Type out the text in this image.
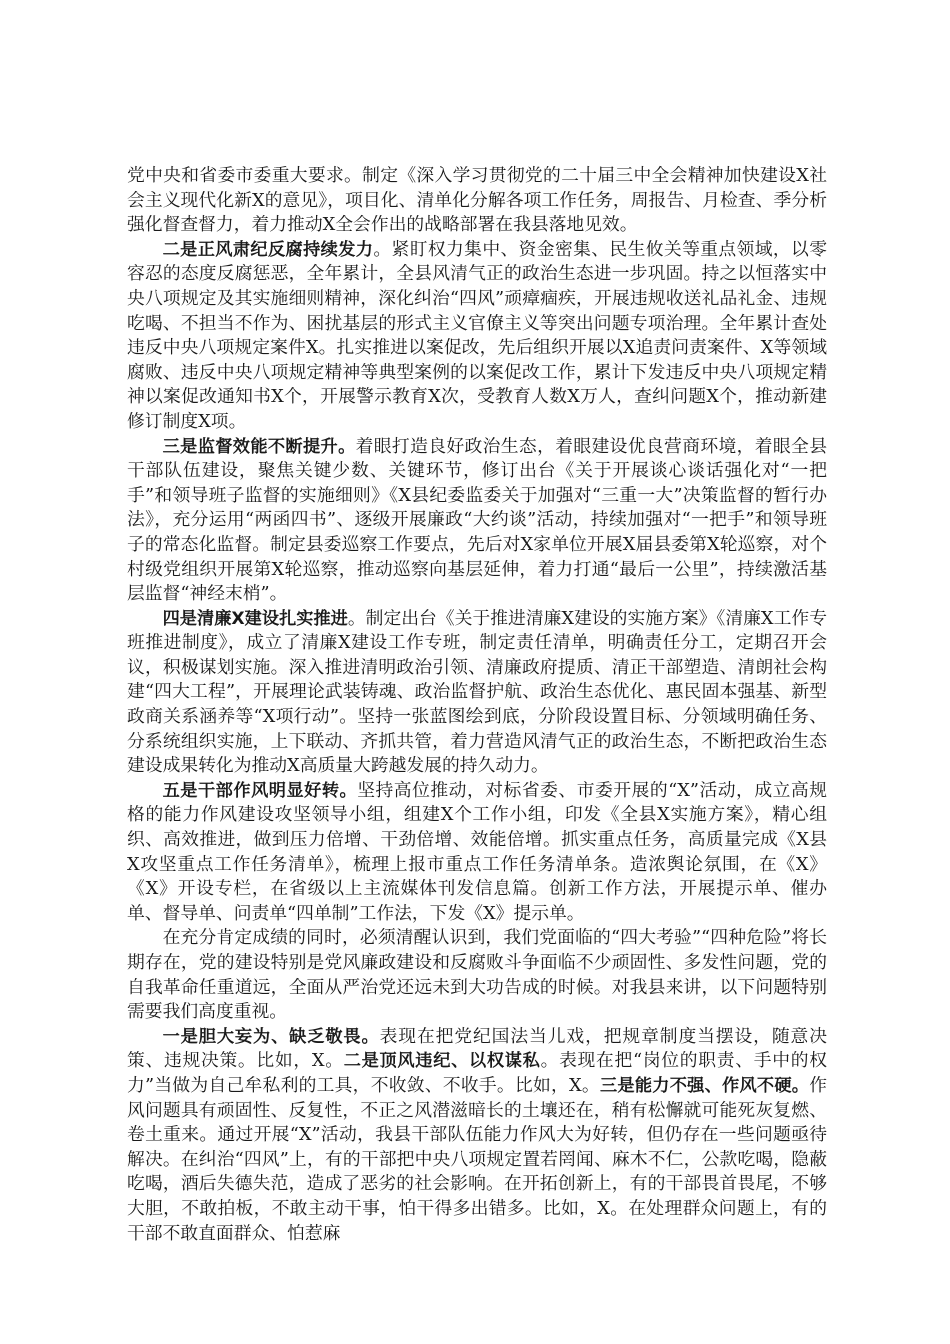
党中央和省委市委重大要求。制定《深入学习贯彻党的二十届三中全会精神加快建设X社会主义现代化新X的意见》，项目化、清单化分解各项工作任务，周报告、月检查、季分析强化督查督力，着力推动X全会作出的战略部署在我县落地见效。

二是正风肃纪反腐持续发力。紧盯权力集中、资金密集、民生攸关等重点领域，以零容忍的态度反腐惩恶，全年累计，全县风清气正的政治生态进一步巩固。持之以恒落实中央八项规定及其实施细则精神，深化纠治“四风”顽瘴痼疾，开展违规收送礼品礼金、违规吃喝、不担当不作为、困扰基层的形式主义官僚主义等突出问题专项治理。全年累计查处违反中央八项规定案件X。扎实推进以案促改，先后组织开展以X追责问责案件、X等领域腐败、违反中央八项规定精神等典型案例的以案促改工作，累计下发违反中央八项规定精神以案促改通知书X个，开展警示教育X次，受教育人数X万人，查纠问题X个，推动新建修订制度X项。

三是监督效能不断提升。着眼打造良好政治生态，着眼建设优良营商环境，着眼全县干部队伍建设，聚焦关键少数、关键环节，修订出台《关于开展谈心谈话强化对“一把手”和领导班子监督的实施细则》《X县纪委监委关于加强对“三重一大”决策监督的暂行办法》，充分运用“两函四书”、逐级开展廉政“大约谈”活动，持续加强对“一把手”和领导班子的常态化监督。制定县委巡察工作要点，先后对X家单位开展X届县委第X轮巡察，对个村级党组织开展第X轮巡察，推动巡察向基层延伸，着力打通“最后一公里”，持续激活基层监督“神经末梢”。

四是清廉X建设扎实推进。制定出台《关于推进清廉X建设的实施方案》《清廉X工作专班推进制度》，成立了清廉X建设工作专班，制定责任清单，明确责任分工，定期召开会议，积极谋划实施。深入推进清明政治引领、清廉政府提质、清正干部塑造、清朗社会构建“四大工程”，开展理论武装铸魂、政治监督护航、政治生态优化、惠民固本强基、新型政商关系涵养等“X项行动”。坚持一张蓝图绘到底，分阶段设置目标、分领域明确任务、分系统组织实施，上下联动、齐抓共管，着力营造风清气正的政治生态，不断把政治生态建设成果转化为推动X高质量大跨越发展的持久动力。

五是干部作风明显好转。坚持高位推动，对标省委、市委开展的“X”活动，成立高规格的能力作风建设攻坚领导小组，组建X个工作小组，印发《全县X实施方案》，精心组织、高效推进，做到压力倍增、干劲倍增、效能倍增。抓实重点任务，高质量完成《X县X攻坚重点工作任务清单》，梳理上报市重点工作任务清单条。造浓舆论氛围，在《X》《X》开设专栏，在省级以上主流媒体刊发信息篇。创新工作方法，开展提示单、催办单、督导单、问责单“四单制”工作法，下发《X》提示单。

在充分肯定成绩的同时，必须清醒认识到，我们党面临的“四大考验”“四种危险”将长期存在，党的建设特别是党风廉政建设和反腐败斗争面临不少顽固性、多发性问题，党的自我革命任重道远，全面从严治党还远未到大功告成的时候。对我县来讲，以下问题特别需要我们高度重视。

一是胆大妄为、缺乏敬畏。表现在把党纪国法当儿戏，把规章制度当摆设，随意决策、违规决策。比如，X。二是顶风违纪、以权谋私。表现在把“岗位的职责、手中的权力”当做为自己牟私利的工具，不收敛、不收手。比如，X。三是能力不强、作风不硬。作风问题具有顽固性、反复性，不正之风潜滋暗长的土壤还在，稍有松懈就可能死灰复燃、卷土重来。通过开展“X”活动，我县干部队伍能力作风大为好转，但仍存在一些问题亟待解决。在纠治“四风”上，有的干部把中央八项规定置若罔闻、麻木不仁，公款吃喝，隐蔽吃喝，酒后失德失范，造成了恶劣的社会影响。在开拓创新上，有的干部畏首畏尾，不够大胆，不敢拍板，不敢主动干事，怕干得多出错多。比如，X。在处理群众问题上，有的干部不敢直面群众、怕惹麻
